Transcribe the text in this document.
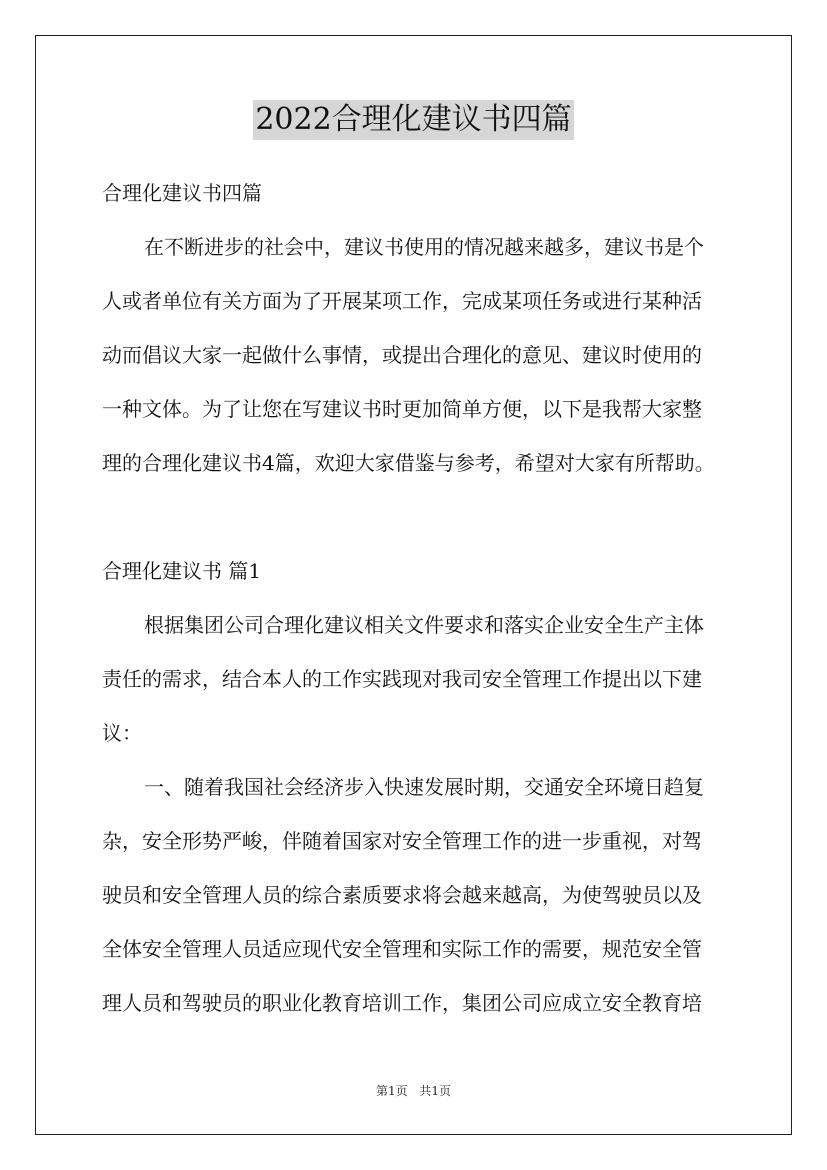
2022合理化建议书四篇
合理化建议书四篇
在不断进步的社会中，建议书使用的情况越来越多，建议书是个
人或者单位有关方面为了开展某项工作，完成某项任务或进行某种活
动而倡议大家一起做什么事情，或提出合理化的意见、建议时使用的
一种文体。为了让您在写建议书时更加简单方便，以下是我帮大家整
理的合理化建议书4篇，欢迎大家借鉴与参考，希望对大家有所帮助。
合理化建议书 篇1
根据集团公司合理化建议相关文件要求和落实企业安全生产主体
责任的需求，结合本人的工作实践现对我司安全管理工作提出以下建
议：
一、随着我国社会经济步入快速发展时期，交通安全环境日趋复
杂，安全形势严峻，伴随着国家对安全管理工作的进一步重视，对驾
驶员和安全管理人员的综合素质要求将会越来越高，为使驾驶员以及
全体安全管理人员适应现代安全管理和实际工作的需要，规范安全管
理人员和驾驶员的职业化教育培训工作，集团公司应成立安全教育培
第1页 共1页
